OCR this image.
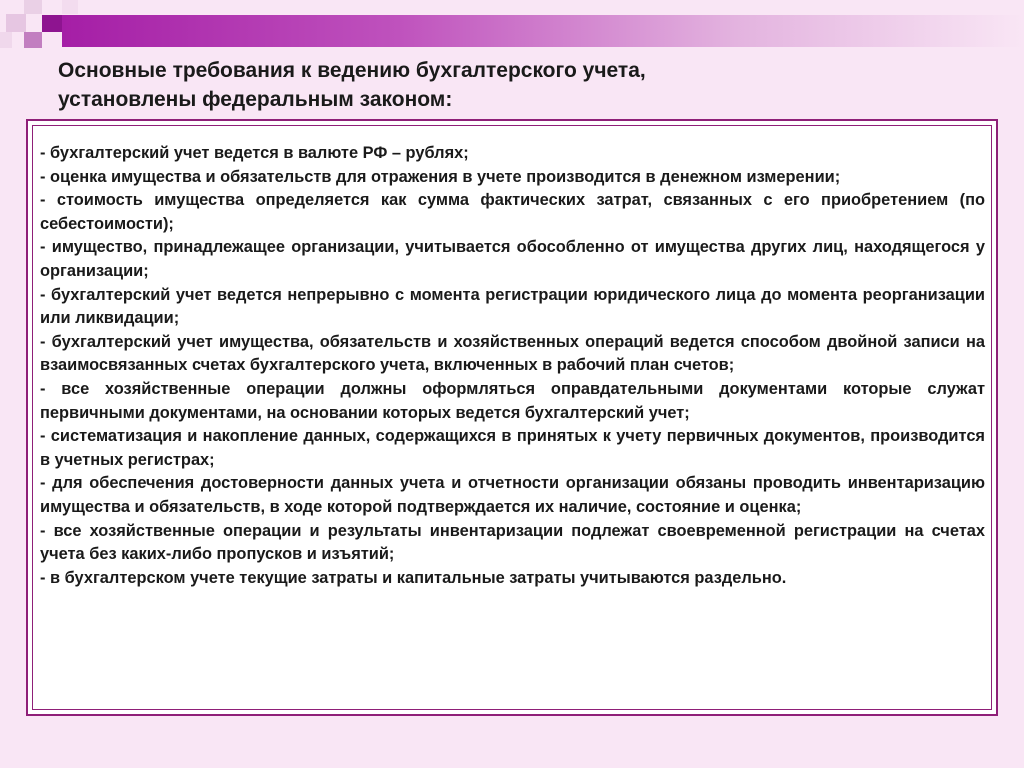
Основные требования к ведению бухгалтерского учета,
установлены федеральным законом:

- бухгалтерский учет ведется в валюте РФ – рублях;

- оценка имущества и обязательств для отражения в учете производится в денежном измерении;

- стоимость имущества определяется как сумма фактических затрат, связанных с его приобретением (по себестоимости);

- имущество, принадлежащее организации, учитывается обособленно от имущества других лиц, находящегося у организации;

- бухгалтерский учет ведется непрерывно с момента регистрации юридического лица до момента реорганизации или ликвидации;

- бухгалтерский учет имущества, обязательств и хозяйственных операций ведется способом двойной записи на взаимосвязанных счетах бухгалтерского учета, включенных в рабочий план счетов;

- все хозяйственные операции должны оформляться оправдательными документами которые служат первичными документами, на основании которых ведется бухгалтерский учет;

- систематизация и накопление данных, содержащихся в принятых к учету первичных документов, производится в учетных регистрах;

- для обеспечения достоверности данных учета и отчетности организации обязаны проводить инвентаризацию имущества и обязательств, в ходе которой подтверждается их наличие, состояние и оценка;

- все хозяйственные операции и результаты инвентаризации подлежат своевременной регистрации на счетах учета без каких-либо пропусков и изъятий;

- в бухгалтерском учете текущие затраты и капитальные затраты учитываются раздельно.
